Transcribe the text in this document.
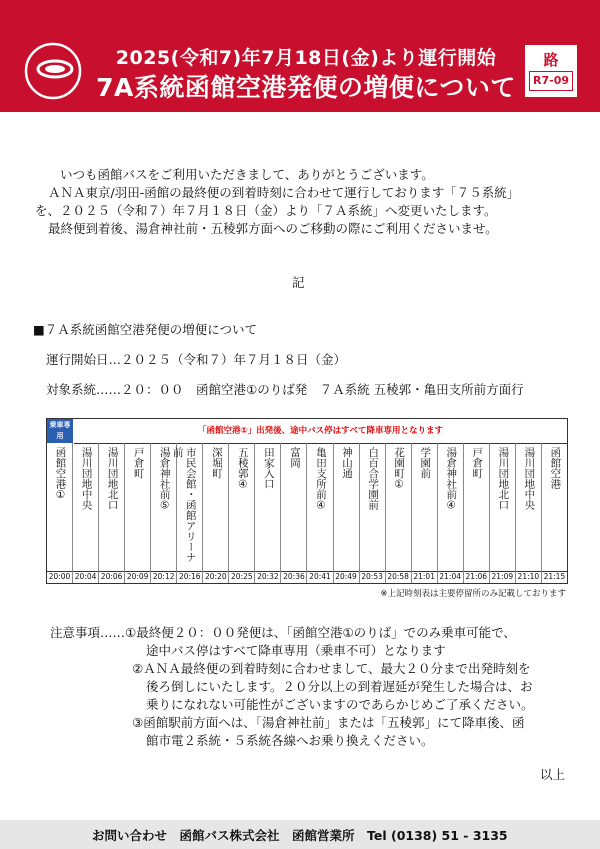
2025(令和7)年7月18日(金)より運行開始
7A系統函館空港発便の増便について
路
R7-09
いつも函館バスをご利用いただきまして、ありがとうございます。
ＡＮＡ東京/羽田-函館の最終便の到着時刻に合わせて運行しております「７５系統」
を、２０２５（令和７）年７月１８日（金）より「７Ａ系統」へ変更いたします。
最終便到着後、湯倉神社前・五稜郭方面へのご移動の際にご利用くださいませ。
記
■７Ａ系統函館空港発便の増便について
運行開始日…２０２５（令和７）年７月１８日（金）
対象系統……２０：００　函館空港①のりば発　７Ａ系統 五稜郭・亀田支所前方面行
乗車専用	「函館空港①」出発後、途中バス停はすべて降車専用となります
函館空港① 湯川団地中央 湯川団地北口 戸倉町 湯倉神社前⑤ 市民会館・函館アリーナ前	深堀町 五稜郭④ 田家入口 富岡 亀田支所前④ 神山通 白百合学園前 花園町① 学園前 湯倉神社前④ 戸倉町 湯川団地北口 湯川団地中央 函館空港
20:00 20:04 20:06 20:09 20:12 20:16 20:20 20:25 20:32 20:36 20:41 20:49 20:53 20:58 21:01 21:04 21:06 21:09 21:10 21:15
※上記時刻表は主要停留所のみ記載しております
注意事項……①最終便２０：００発便は、「函館空港①のりば」でのみ乗車可能で、
途中バス停はすべて降車専用（乗車不可）となります
②ＡＮＡ最終便の到着時刻に合わせまして、最大２０分まで出発時刻を
後ろ倒しにいたします。２０分以上の到着遅延が発生した場合は、お
乗りになれない可能性がございますのであらかじめご了承ください。
③函館駅前方面へは、「湯倉神社前」または「五稜郭」にて降車後、函
館市電２系統・５系統各線へお乗り換えください。
以上
お問い合わせ　函館バス株式会社　函館営業所　Tel (0138) 51 - 3135
